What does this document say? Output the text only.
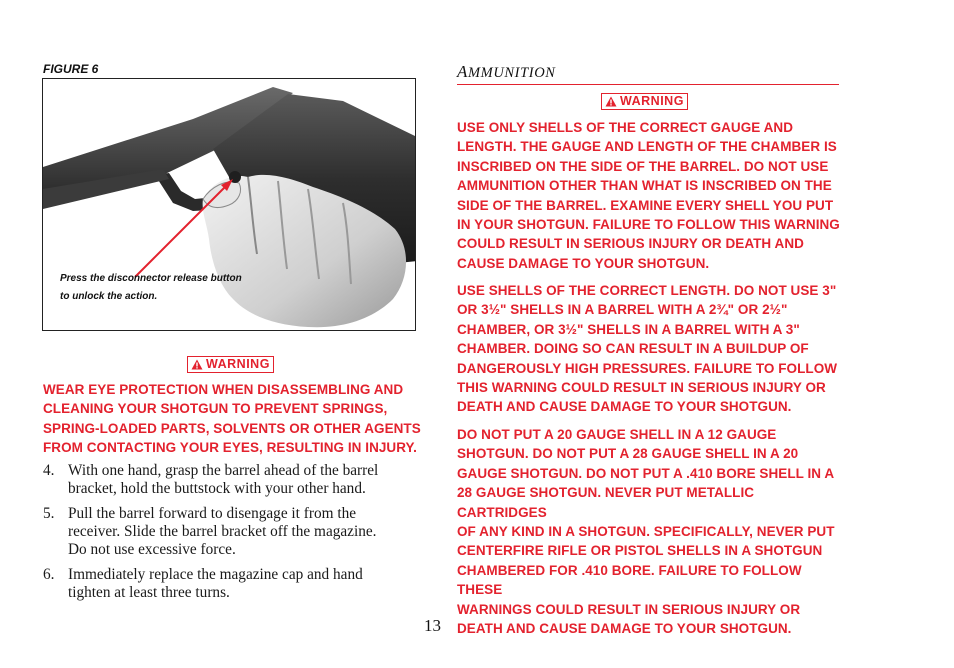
FIGURE 6
Press the disconnector release button
to unlock the action.
WARNING
WEAR EYE PROTECTION WHEN DISASSEMBLING AND
CLEANING YOUR SHOTGUN TO PREVENT SPRINGS,
SPRING-LOADED PARTS, SOLVENTS OR OTHER AGENTS
FROM CONTACTING YOUR EYES, RESULTING IN INJURY.
4. With one hand, grasp the barrel ahead of the barrel
bracket, hold the buttstock with your other hand.
5. Pull the barrel forward to disengage it from the
receiver. Slide the barrel bracket off the magazine.
Do not use excessive force.
6. Immediately replace the magazine cap and hand
tighten at least three turns.
AMMUNITION
WARNING
USE ONLY SHELLS OF THE CORRECT GAUGE AND
LENGTH. THE GAUGE AND LENGTH OF THE CHAMBER IS
INSCRIBED ON THE SIDE OF THE BARREL. DO NOT USE
AMMUNITION OTHER THAN WHAT IS INSCRIBED ON THE
SIDE OF THE BARREL. EXAMINE EVERY SHELL YOU PUT
IN YOUR SHOTGUN. FAILURE TO FOLLOW THIS WARNING
COULD RESULT IN SERIOUS INJURY OR DEATH AND
CAUSE DAMAGE TO YOUR SHOTGUN.
USE SHELLS OF THE CORRECT LENGTH. DO NOT USE 3"
OR 3½" SHELLS IN A BARREL WITH A 2¾" OR 2½"
CHAMBER, OR 3½" SHELLS IN A BARREL WITH A 3"
CHAMBER. DOING SO CAN RESULT IN A BUILDUP OF
DANGEROUSLY HIGH PRESSURES. FAILURE TO FOLLOW
THIS WARNING COULD RESULT IN SERIOUS INJURY OR
DEATH AND CAUSE DAMAGE TO YOUR SHOTGUN.
DO NOT PUT A 20 GAUGE SHELL IN A 12 GAUGE
SHOTGUN. DO NOT PUT A 28 GAUGE SHELL IN A 20
GAUGE SHOTGUN. DO NOT PUT A .410 BORE SHELL IN A
28 GAUGE SHOTGUN. NEVER PUT METALLIC CARTRIDGES
OF ANY KIND IN A SHOTGUN. SPECIFICALLY, NEVER PUT
CENTERFIRE RIFLE OR PISTOL SHELLS IN A SHOTGUN
CHAMBERED FOR .410 BORE. FAILURE TO FOLLOW THESE
WARNINGS COULD RESULT IN SERIOUS INJURY OR
DEATH AND CAUSE DAMAGE TO YOUR SHOTGUN.
13
